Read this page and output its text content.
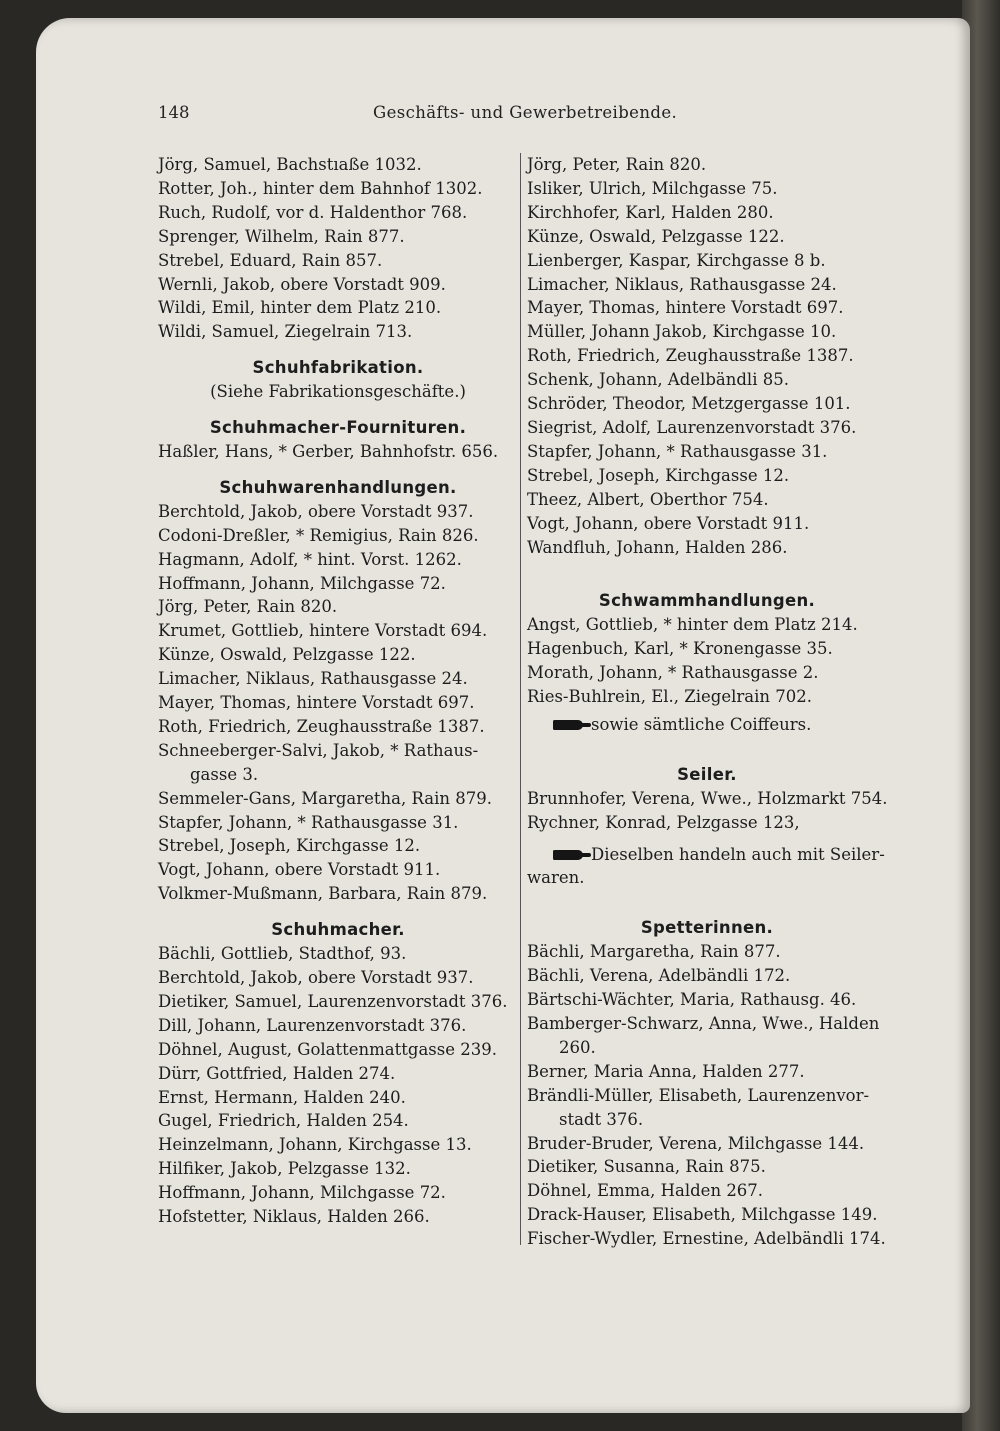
148	Geschäfts- und Gewerbetreibende.
Jörg, Samuel, Bachstıaße 1032.
Rotter, Joh., hinter dem Bahnhof 1302.
Ruch, Rudolf, vor d. Haldenthor 768.
Sprenger, Wilhelm, Rain 877.
Strebel, Eduard, Rain 857.
Wernli, Jakob, obere Vorstadt 909.
Wildi, Emil, hinter dem Platz 210.
Wildi, Samuel, Ziegelrain 713.
Schuhfabrikation.
(Siehe Fabrikationsgeschäfte.)
Schuhmacher-Fournituren.
Haßler, Hans, * Gerber, Bahnhofstr. 656.
Schuhwarenhandlungen.
Berchtold, Jakob, obere Vorstadt 937.
Codoni-Dreßler, * Remigius, Rain 826.
Hagmann, Adolf, * hint. Vorst. 1262.
Hoffmann, Johann, Milchgasse 72.
Jörg, Peter, Rain 820.
Krumet, Gottlieb, hintere Vorstadt 694.
Künze, Oswald, Pelzgasse 122.
Limacher, Niklaus, Rathausgasse 24.
Mayer, Thomas, hintere Vorstadt 697.
Roth, Friedrich, Zeughausstraße 1387.
Schneeberger-Salvi, Jakob, * Rathaus-
gasse 3.
Semmeler-Gans, Margaretha, Rain 879.
Stapfer, Johann, * Rathausgasse 31.
Strebel, Joseph, Kirchgasse 12.
Vogt, Johann, obere Vorstadt 911.
Volkmer-Mußmann, Barbara, Rain 879.
Schuhmacher.
Bächli, Gottlieb, Stadthof, 93.
Berchtold, Jakob, obere Vorstadt 937.
Dietiker, Samuel, Laurenzenvorstadt 376.
Dill, Johann, Laurenzenvorstadt 376.
Döhnel, August, Golattenmattgasse 239.
Dürr, Gottfried, Halden 274.
Ernst, Hermann, Halden 240.
Gugel, Friedrich, Halden 254.
Heinzelmann, Johann, Kirchgasse 13.
Hilfiker, Jakob, Pelzgasse 132.
Hoffmann, Johann, Milchgasse 72.
Hofstetter, Niklaus, Halden 266.
Jörg, Peter, Rain 820.
Isliker, Ulrich, Milchgasse 75.
Kirchhofer, Karl, Halden 280.
Künze, Oswald, Pelzgasse 122.
Lienberger, Kaspar, Kirchgasse 8 b.
Limacher, Niklaus, Rathausgasse 24.
Mayer, Thomas, hintere Vorstadt 697.
Müller, Johann Jakob, Kirchgasse 10.
Roth, Friedrich, Zeughausstraße 1387.
Schenk, Johann, Adelbändli 85.
Schröder, Theodor, Metzgergasse 101.
Siegrist, Adolf, Laurenzenvorstadt 376.
Stapfer, Johann, * Rathausgasse 31.
Strebel, Joseph, Kirchgasse 12.
Theez, Albert, Oberthor 754.
Vogt, Johann, obere Vorstadt 911.
Wandfluh, Johann, Halden 286.
Schwammhandlungen.
Angst, Gottlieb, * hinter dem Platz 214.
Hagenbuch, Karl, * Kronengasse 35.
Morath, Johann, * Rathausgasse 2.
Ries-Buhlrein, El., Ziegelrain 702.
sowie sämtliche Coiffeurs.
Seiler.
Brunnhofer, Verena, Wwe., Holzmarkt 754.
Rychner, Konrad, Pelzgasse 123,
Dieselben handeln auch mit Seiler-
waren.
Spetterinnen.
Bächli, Margaretha, Rain 877.
Bächli, Verena, Adelbändli 172.
Bärtschi-Wächter, Maria, Rathausg. 46.
Bamberger-Schwarz, Anna, Wwe., Halden
260.
Berner, Maria Anna, Halden 277.
Brändli-Müller, Elisabeth, Laurenzenvor-
stadt 376.
Bruder-Bruder, Verena, Milchgasse 144.
Dietiker, Susanna, Rain 875.
Döhnel, Emma, Halden 267.
Drack-Hauser, Elisabeth, Milchgasse 149.
Fischer-Wydler, Ernestine, Adelbändli 174.
